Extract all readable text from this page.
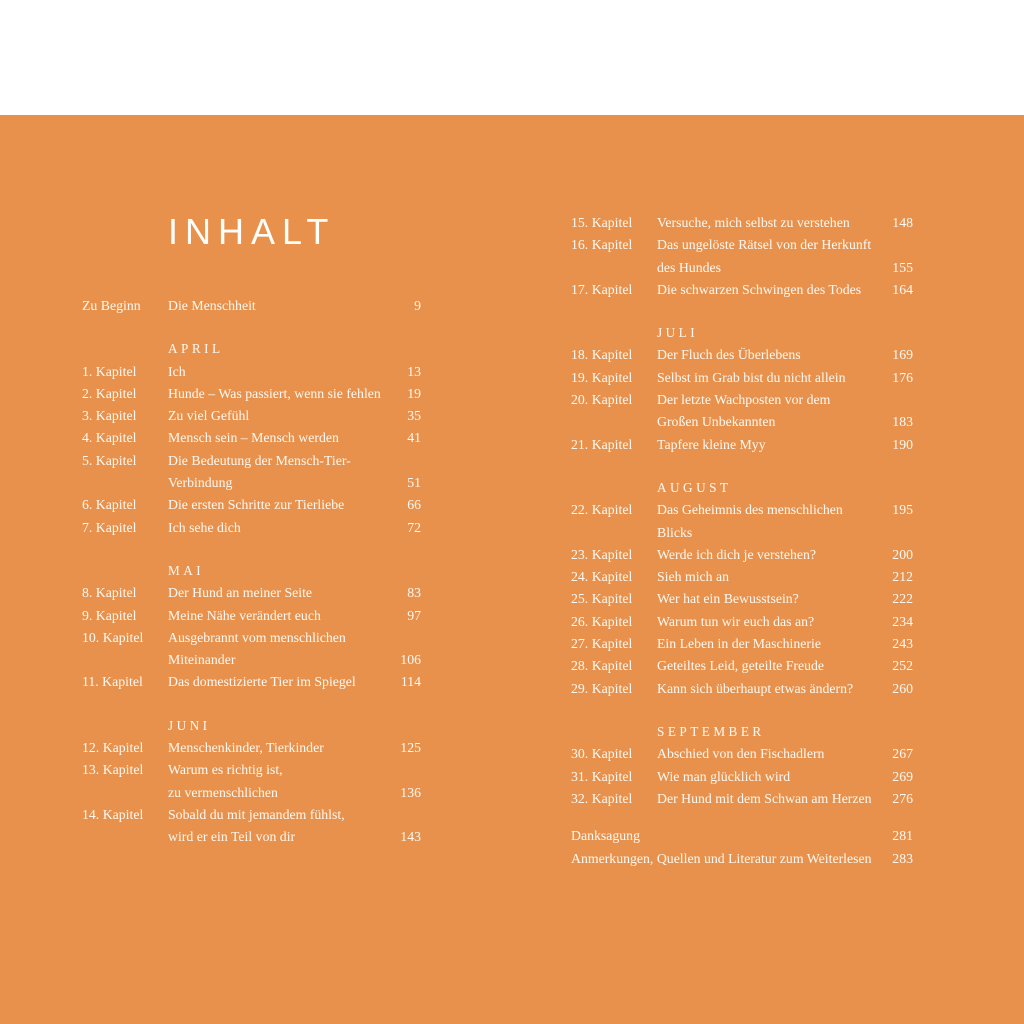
INHALT
Zu Beginn	Die Menschheit	9
APRIL
1. Kapitel	Ich	13
2. Kapitel	Hunde – Was passiert, wenn sie fehlen	19
3. Kapitel	Zu viel Gefühl	35
4. Kapitel	Mensch sein – Mensch werden	41
5. Kapitel	Die Bedeutung der Mensch-Tier-
Verbindung	51
6. Kapitel	Die ersten Schritte zur Tierliebe	66
7. Kapitel	Ich sehe dich	72
MAI
8. Kapitel	Der Hund an meiner Seite	83
9. Kapitel	Meine Nähe verändert euch	97
10. Kapitel	Ausgebrannt vom menschlichen
Miteinander	106
11. Kapitel	Das domestizierte Tier im Spiegel	114
JUNI
12. Kapitel	Menschenkinder, Tierkinder	125
13. Kapitel	Warum es richtig ist,
zu vermenschlichen	136
14. Kapitel	Sobald du mit jemandem fühlst,
wird er ein Teil von dir	143
15. Kapitel	Versuche, mich selbst zu verstehen	148
16. Kapitel	Das ungelöste Rätsel von der Herkunft
des Hundes	155
17. Kapitel	Die schwarzen Schwingen des Todes	164
JULI
18. Kapitel	Der Fluch des Überlebens	169
19. Kapitel	Selbst im Grab bist du nicht allein	176
20. Kapitel	Der letzte Wachposten vor dem
Großen Unbekannten	183
21. Kapitel	Tapfere kleine Myy	190
AUGUST
22. Kapitel	Das Geheimnis des menschlichen Blicks
195
23. Kapitel	Werde ich dich je verstehen?	200
24. Kapitel	Sieh mich an	212
25. Kapitel	Wer hat ein Bewusstsein?	222
26. Kapitel	Warum tun wir euch das an?	234
27. Kapitel	Ein Leben in der Maschinerie	243
28. Kapitel	Geteiltes Leid, geteilte Freude	252
29. Kapitel	Kann sich überhaupt etwas ändern?	260
SEPTEMBER
30. Kapitel	Abschied von den Fischadlern	267
31. Kapitel	Wie man glücklich wird	269
32. Kapitel	Der Hund mit dem Schwan am Herzen	276
Danksagung	281
Anmerkungen, Quellen und Literatur zum Weiterlesen	283
